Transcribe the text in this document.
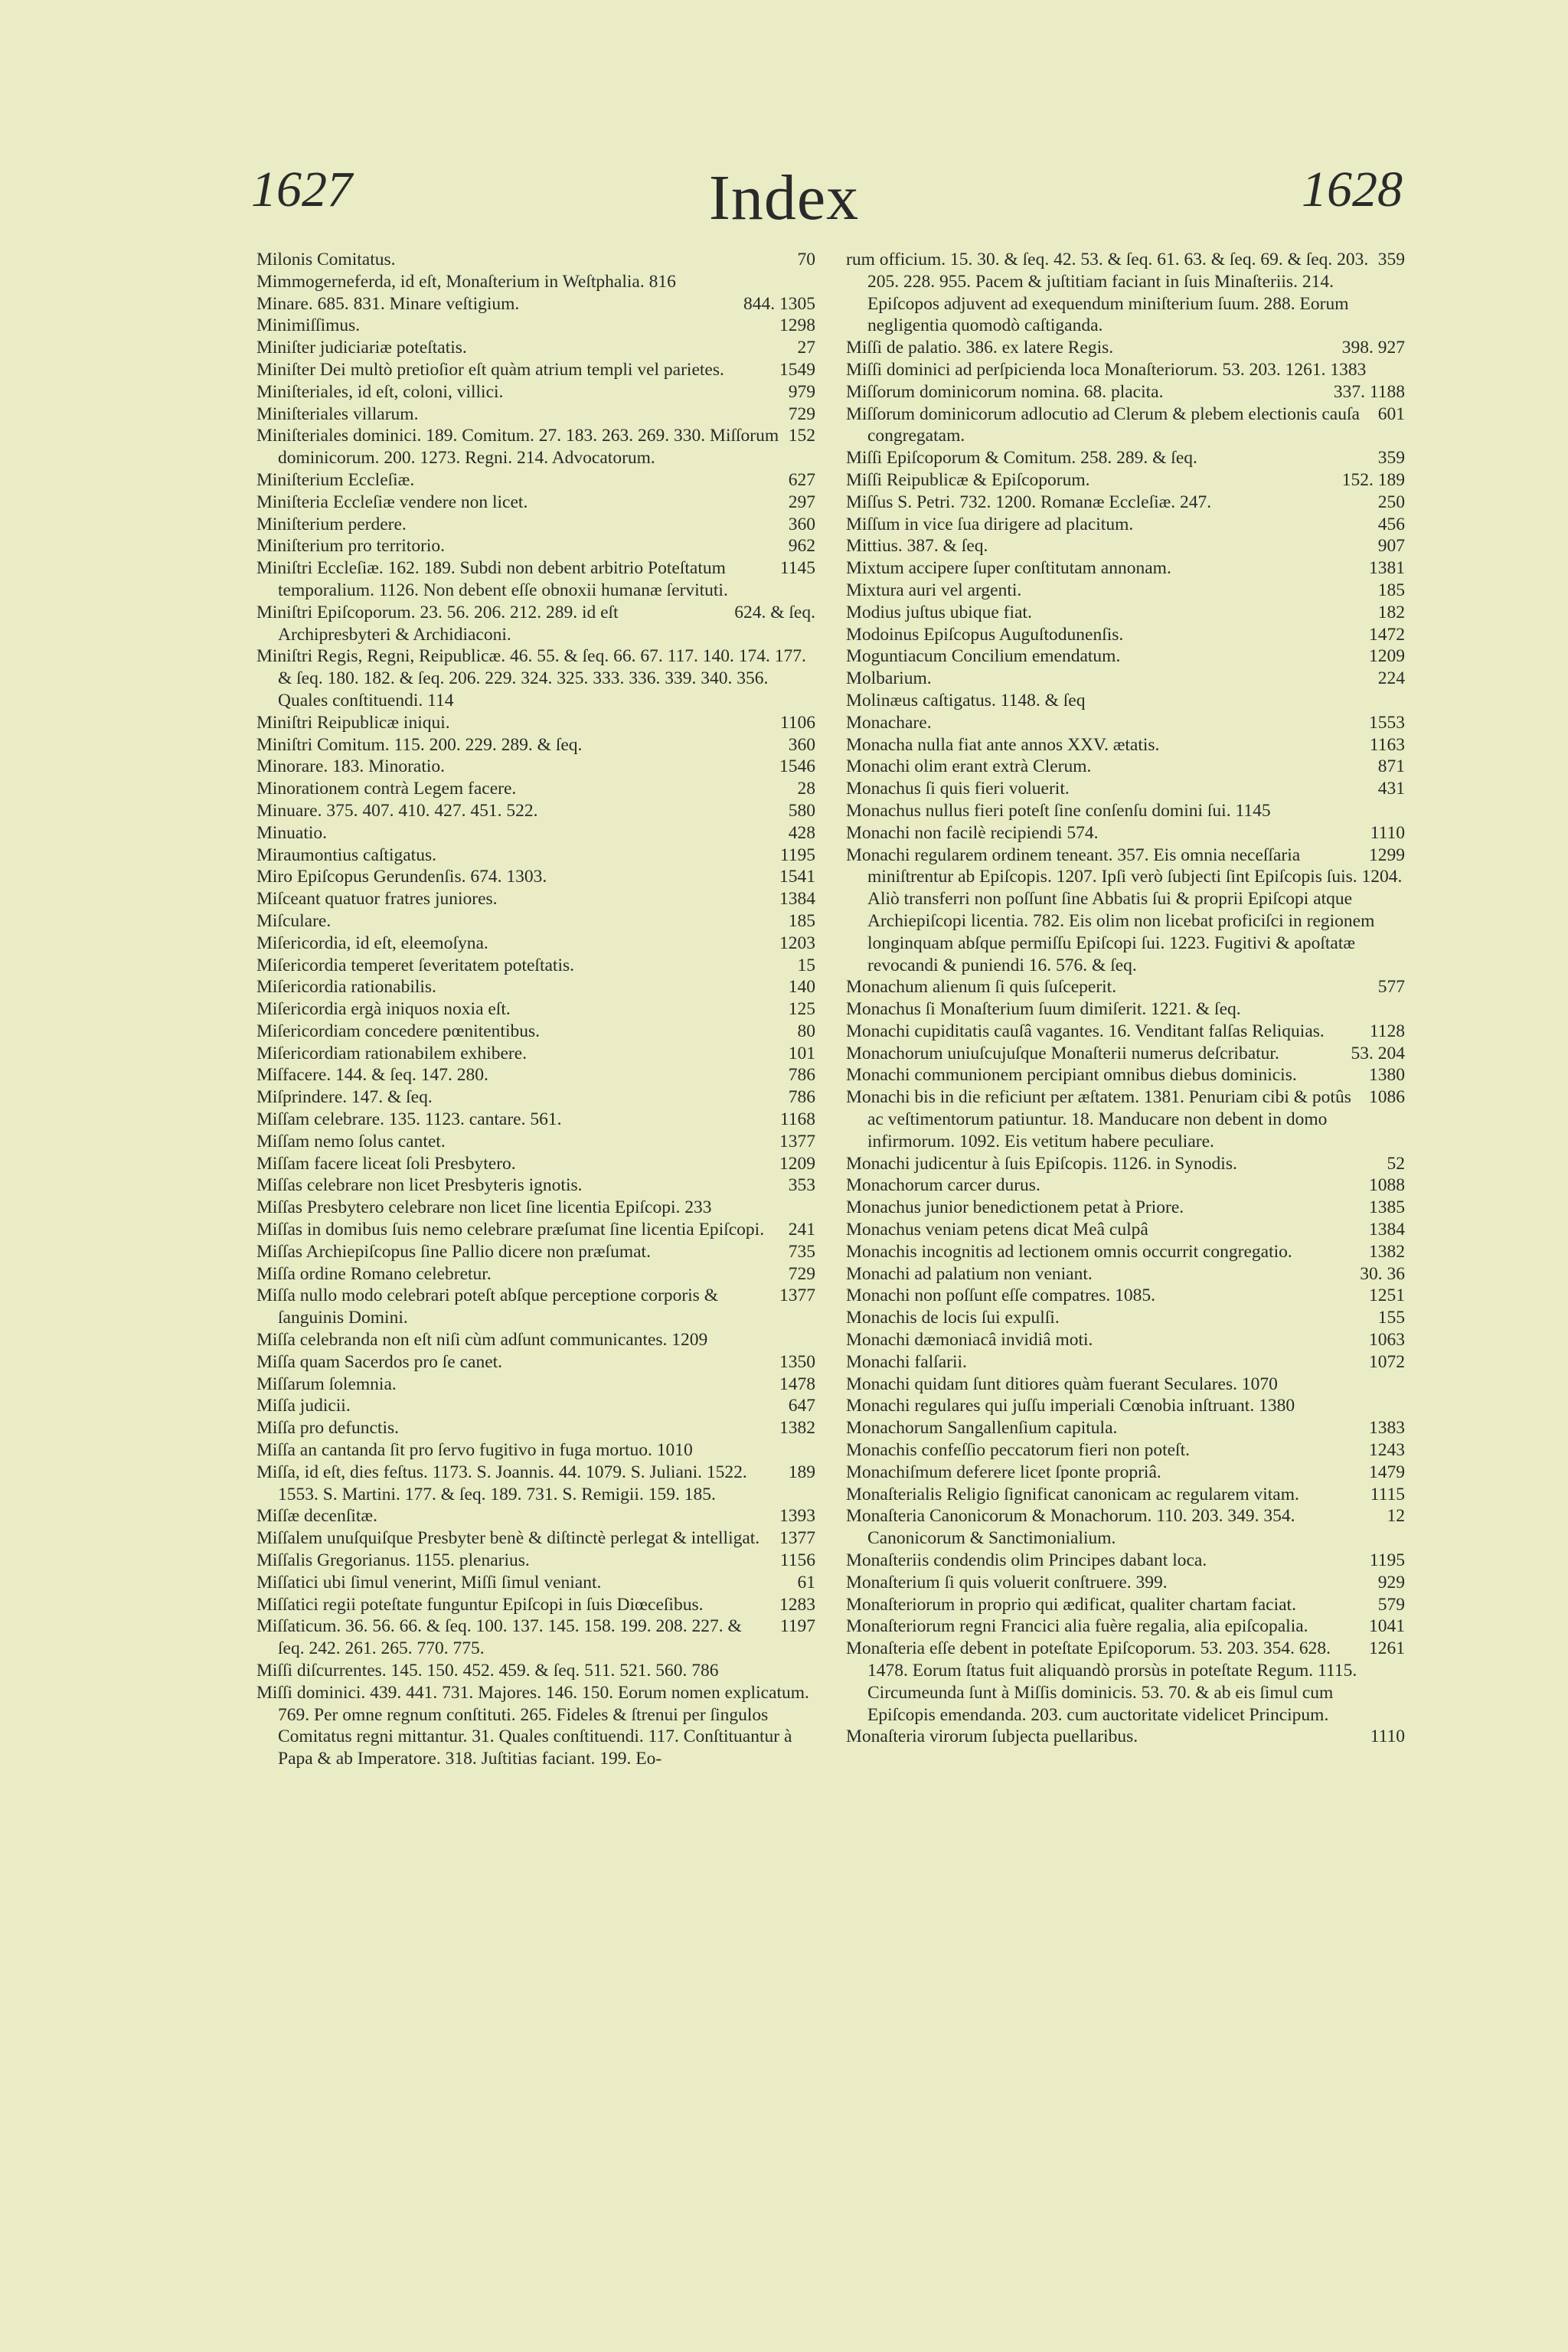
1627	Index	1628

70
Milonis Comitatus.

Mimmogerneferda, id eſt, Monaſterium in Weſtphalia. 816

844. 1305
Minare. 685. 831. Minare veſtigium.

1298
Minimiſſimus.

27
Miniſter judiciariæ poteſtatis.

1549
Miniſter Dei multò pretioſior eſt quàm atrium templi vel parietes.

979
Miniſteriales, id eſt, coloni, villici.

729
Miniſteriales villarum.

152
Miniſteriales dominici. 189. Comitum. 27. 183. 263. 269. 330. Miſſorum dominicorum. 200. 1273. Regni. 214. Advocatorum.

627
Miniſterium Eccleſiæ.

297
Miniſteria Eccleſiæ vendere non licet.

360
Miniſterium perdere.

962
Miniſterium pro territorio.

1145
Miniſtri Eccleſiæ. 162. 189. Subdi non debent arbitrio Poteſtatum temporalium. 1126. Non debent eſſe obnoxii humanæ ſervituti.

624. & ſeq.
Miniſtri Epiſcoporum. 23. 56. 206. 212. 289. id eſt Archipresbyteri & Archidiaconi.

Miniſtri Regis, Regni, Reipublicæ. 46. 55. & ſeq. 66. 67. 117. 140. 174. 177. & ſeq. 180. 182. & ſeq. 206. 229. 324. 325. 333. 336. 339. 340. 356. Quales conſtituendi. 114

1106
Miniſtri Reipublicæ iniqui.

360
Miniſtri Comitum. 115. 200. 229. 289. & ſeq.

1546
Minorare. 183. Minoratio.

28
Minorationem contrà Legem facere.

580
Minuare. 375. 407. 410. 427. 451. 522.

428
Minuatio.

1195
Miraumontius caſtigatus.

1541
Miro Epiſcopus Gerundenſis. 674. 1303.

1384
Miſceant quatuor fratres juniores.

185
Miſculare.

1203
Miſericordia, id eſt, eleemoſyna.

15
Miſericordia temperet ſeveritatem poteſtatis.

140
Miſericordia rationabilis.

125
Miſericordia ergà iniquos noxia eſt.

80
Miſericordiam concedere pœnitentibus.

101
Miſericordiam rationabilem exhibere.

786
Miſfacere. 144. & ſeq. 147. 280.

786
Miſprindere. 147. & ſeq.

1168
Miſſam celebrare. 135. 1123. cantare. 561.

1377
Miſſam nemo ſolus cantet.

1209
Miſſam facere liceat ſoli Presbytero.

353
Miſſas celebrare non licet Presbyteris ignotis.

Miſſas Presbytero celebrare non licet ſine licentia Epiſcopi. 233

241
Miſſas in domibus ſuis nemo celebrare præſumat ſine licentia Epiſcopi.

735
Miſſas Archiepiſcopus ſine Pallio dicere non præſumat.

729
Miſſa ordine Romano celebretur.

1377
Miſſa nullo modo celebrari poteſt abſque perceptione corporis & ſanguinis Domini.

Miſſa celebranda non eſt niſi cùm adſunt communicantes. 1209

1350
Miſſa quam Sacerdos pro ſe canet.

1478
Miſſarum ſolemnia.

647
Miſſa judicii.

1382
Miſſa pro defunctis.

Miſſa an cantanda ſit pro ſervo fugitivo in fuga mortuo. 1010

189
Miſſa, id eſt, dies feſtus. 1173. S. Joannis. 44. 1079. S. Juliani. 1522. 1553. S. Martini. 177. & ſeq. 189. 731. S. Remigii. 159. 185.

1393
Miſſæ decenſitæ.

1377
Miſſalem unuſquiſque Presbyter benè & diſtinctè perlegat & intelligat.

1156
Miſſalis Gregorianus. 1155. plenarius.

61
Miſſatici ubi ſimul venerint, Miſſi ſimul veniant.

1283
Miſſatici regii poteſtate funguntur Epiſcopi in ſuis Diœceſibus.

1197
Miſſaticum. 36. 56. 66. & ſeq. 100. 137. 145. 158. 199. 208. 227. & ſeq. 242. 261. 265. 770. 775.

Miſſi diſcurrentes. 145. 150. 452. 459. & ſeq. 511. 521. 560. 786

Miſſi dominici. 439. 441. 731. Majores. 146. 150. Eorum nomen explicatum. 769. Per omne regnum conſtituti. 265. Fideles & ſtrenui per ſingulos Comitatus regni mittantur. 31. Quales conſtituendi. 117. Conſtituantur à Papa & ab Imperatore. 318. Juſtitias faciant. 199. Eo-

359
rum officium. 15. 30. & ſeq. 42. 53. & ſeq. 61. 63. & ſeq. 69. & ſeq. 203. 205. 228. 955. Pacem & juſtitiam faciant in ſuis Minaſteriis. 214. Epiſcopos adjuvent ad exequendum miniſterium ſuum. 288. Eorum negligentia quomodò caſtiganda.

398. 927
Miſſi de palatio. 386. ex latere Regis.

Miſſi dominici ad perſpicienda loca Monaſteriorum. 53. 203. 1261. 1383

337. 1188
Miſſorum dominicorum nomina. 68. placita.

601
Miſſorum dominicorum adlocutio ad Clerum & plebem electionis cauſa congregatam.

359
Miſſi Epiſcoporum & Comitum. 258. 289. & ſeq.

152. 189
Miſſi Reipublicæ & Epiſcoporum.

250
Miſſus S. Petri. 732. 1200. Romanæ Eccleſiæ. 247.

456
Miſſum in vice ſua dirigere ad placitum.

907
Mittius. 387. & ſeq.

1381
Mixtum accipere ſuper conſtitutam annonam.

185
Mixtura auri vel argenti.

182
Modius juſtus ubique fiat.

1472
Modoinus Epiſcopus Auguſtodunenſis.

1209
Moguntiacum Concilium emendatum.

224
Molbarium.

Molinæus caſtigatus. 1148. & ſeq

1553
Monachare.

1163
Monacha nulla fiat ante annos XXV. ætatis.

871
Monachi olim erant extrà Clerum.

431
Monachus ſi quis fieri voluerit.

Monachus nullus fieri poteſt ſine conſenſu domini ſui. 1145

1110
Monachi non facilè recipiendi 574.

1299
Monachi regularem ordinem teneant. 357. Eis omnia neceſſaria miniſtrentur ab Epiſcopis. 1207. Ipſi verò ſubjecti ſint Epiſcopis ſuis. 1204. Aliò transferri non poſſunt ſine Abbatis ſui & proprii Epiſcopi atque Archiepiſcopi licentia. 782. Eis olim non licebat proficiſci in regionem longinquam abſque permiſſu Epiſcopi ſui. 1223. Fugitivi & apoſtatæ revocandi & puniendi 16. 576. & ſeq.

577
Monachum alienum ſi quis ſuſceperit.

Monachus ſi Monaſterium ſuum dimiſerit. 1221. & ſeq.

1128
Monachi cupiditatis cauſâ vagantes. 16. Venditant falſas Reliquias.

53. 204
Monachorum uniuſcujuſque Monaſterii numerus deſcribatur.

1380
Monachi communionem percipiant omnibus diebus dominicis.

1086
Monachi bis in die reficiunt per æſtatem. 1381. Penuriam cibi & potûs ac veſtimentorum patiuntur. 18. Manducare non debent in domo infirmorum. 1092. Eis vetitum habere peculiare.

52
Monachi judicentur à ſuis Epiſcopis. 1126. in Synodis.

1088
Monachorum carcer durus.

1385
Monachus junior benedictionem petat à Priore.

1384
Monachus veniam petens dicat Meâ culpâ

1382
Monachis incognitis ad lectionem omnis occurrit congregatio.

30. 36
Monachi ad palatium non veniant.

1251
Monachi non poſſunt eſſe compatres. 1085.

155
Monachis de locis ſui expulſi.

1063
Monachi dæmoniacâ invidiâ moti.

1072
Monachi falſarii.

Monachi quidam ſunt ditiores quàm fuerant Seculares. 1070

Monachi regulares qui juſſu imperiali Cœnobia inſtruant. 1380

1383
Monachorum Sangallenſium capitula.

1243
Monachis confeſſio peccatorum fieri non poteſt.

1479
Monachiſmum deferere licet ſponte propriâ.

1115
Monaſterialis Religio ſignificat canonicam ac regularem vitam.

12
Monaſteria Canonicorum & Monachorum. 110. 203. 349. 354. Canonicorum & Sanctimonialium.

1195
Monaſteriis condendis olim Principes dabant loca.

929
Monaſterium ſi quis voluerit conſtruere. 399.

579
Monaſteriorum in proprio qui ædificat, qualiter chartam faciat.

1041
Monaſteriorum regni Francici alia fuère regalia, alia epiſcopalia.

1261
Monaſteria eſſe debent in poteſtate Epiſcoporum. 53. 203. 354. 628. 1478. Eorum ſtatus fuit aliquandò prorsùs in poteſtate Regum. 1115. Circumeunda ſunt à Miſſis dominicis. 53. 70. & ab eis ſimul cum Epiſcopis emendanda. 203. cum auctoritate videlicet Principum.

1110
Monaſteria virorum ſubjecta puellaribus.
